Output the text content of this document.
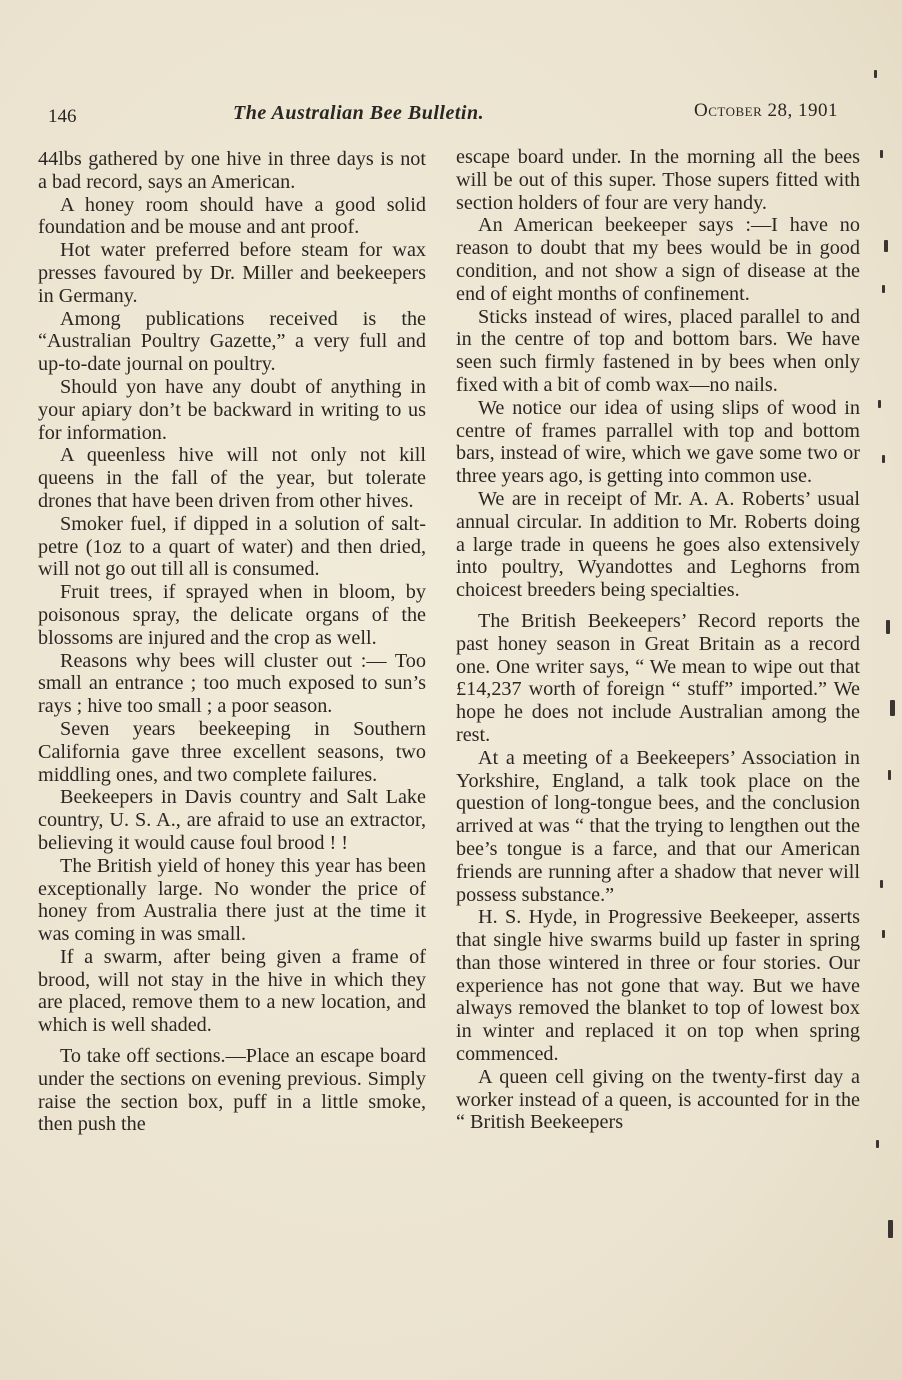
146	The Australian Bee Bulletin.	October 28, 1901

44lbs gathered by one hive in three days is not a bad record, says an American.

A honey room should have a good solid foundation and be mouse and ant proof.

Hot water preferred before steam for wax presses favoured by Dr. Miller and beekeepers in Germany.

Among publications received is the “Australian Poultry Gazette,” a very full and up-to-date journal on poultry.

Should yon have any doubt of anything in your apiary don’t be backward in writing to us for information.

A queenless hive will not only not kill queens in the fall of the year, but tolerate drones that have been driven from other hives.

Smoker fuel, if dipped in a solution of salt-petre (1oz to a quart of water) and then dried, will not go out till all is consumed.

Fruit trees, if sprayed when in bloom, by poisonous spray, the delicate organs of the blossoms are injured and the crop as well.

Reasons why bees will cluster out :— Too small an entrance ; too much exposed to sun’s rays ; hive too small ; a poor season.

Seven years beekeeping in Southern California gave three excellent seasons, two middling ones, and two complete failures.

Beekeepers in Davis country and Salt Lake country, U. S. A., are afraid to use an extractor, believing it would cause foul brood ! !

The British yield of honey this year has been exceptionally large. No wonder the price of honey from Australia there just at the time it was coming in was small.

If a swarm, after being given a frame of brood, will not stay in the hive in which they are placed, remove them to a new location, and which is well shaded.

To take off sections.—Place an escape board under the sections on evening previous. Simply raise the section box, puff in a little smoke, then push the

escape board under. In the morning all the bees will be out of this super. Those supers fitted with section holders of four are very handy.

An American beekeeper says :—I have no reason to doubt that my bees would be in good condition, and not show a sign of disease at the end of eight months of confinement.

Sticks instead of wires, placed parallel to and in the centre of top and bottom bars. We have seen such firmly fastened in by bees when only fixed with a bit of comb wax—no nails.

We notice our idea of using slips of wood in centre of frames parrallel with top and bottom bars, instead of wire, which we gave some two or three years ago, is getting into common use.

We are in receipt of Mr. A. A. Roberts’ usual annual circular. In addition to Mr. Roberts doing a large trade in queens he goes also extensively into poultry, Wyandottes and Leghorns from choicest breeders being specialties.

The British Beekeepers’ Record reports the past honey season in Great Britain as a record one. One writer says, “ We mean to wipe out that £14,237 worth of foreign “ stuff” imported.” We hope he does not include Australian among the rest.

At a meeting of a Beekeepers’ Association in Yorkshire, England, a talk took place on the question of long-tongue bees, and the conclusion arrived at was “ that the trying to lengthen out the bee’s tongue is a farce, and that our American friends are running after a shadow that never will possess substance.”

H. S. Hyde, in Progressive Beekeeper, asserts that single hive swarms build up faster in spring than those wintered in three or four stories. Our experience has not gone that way. But we have always removed the blanket to top of lowest box in winter and replaced it on top when spring commenced.

A queen cell giving on the twenty-first day a worker instead of a queen, is accounted for in the “ British Beekeepers
